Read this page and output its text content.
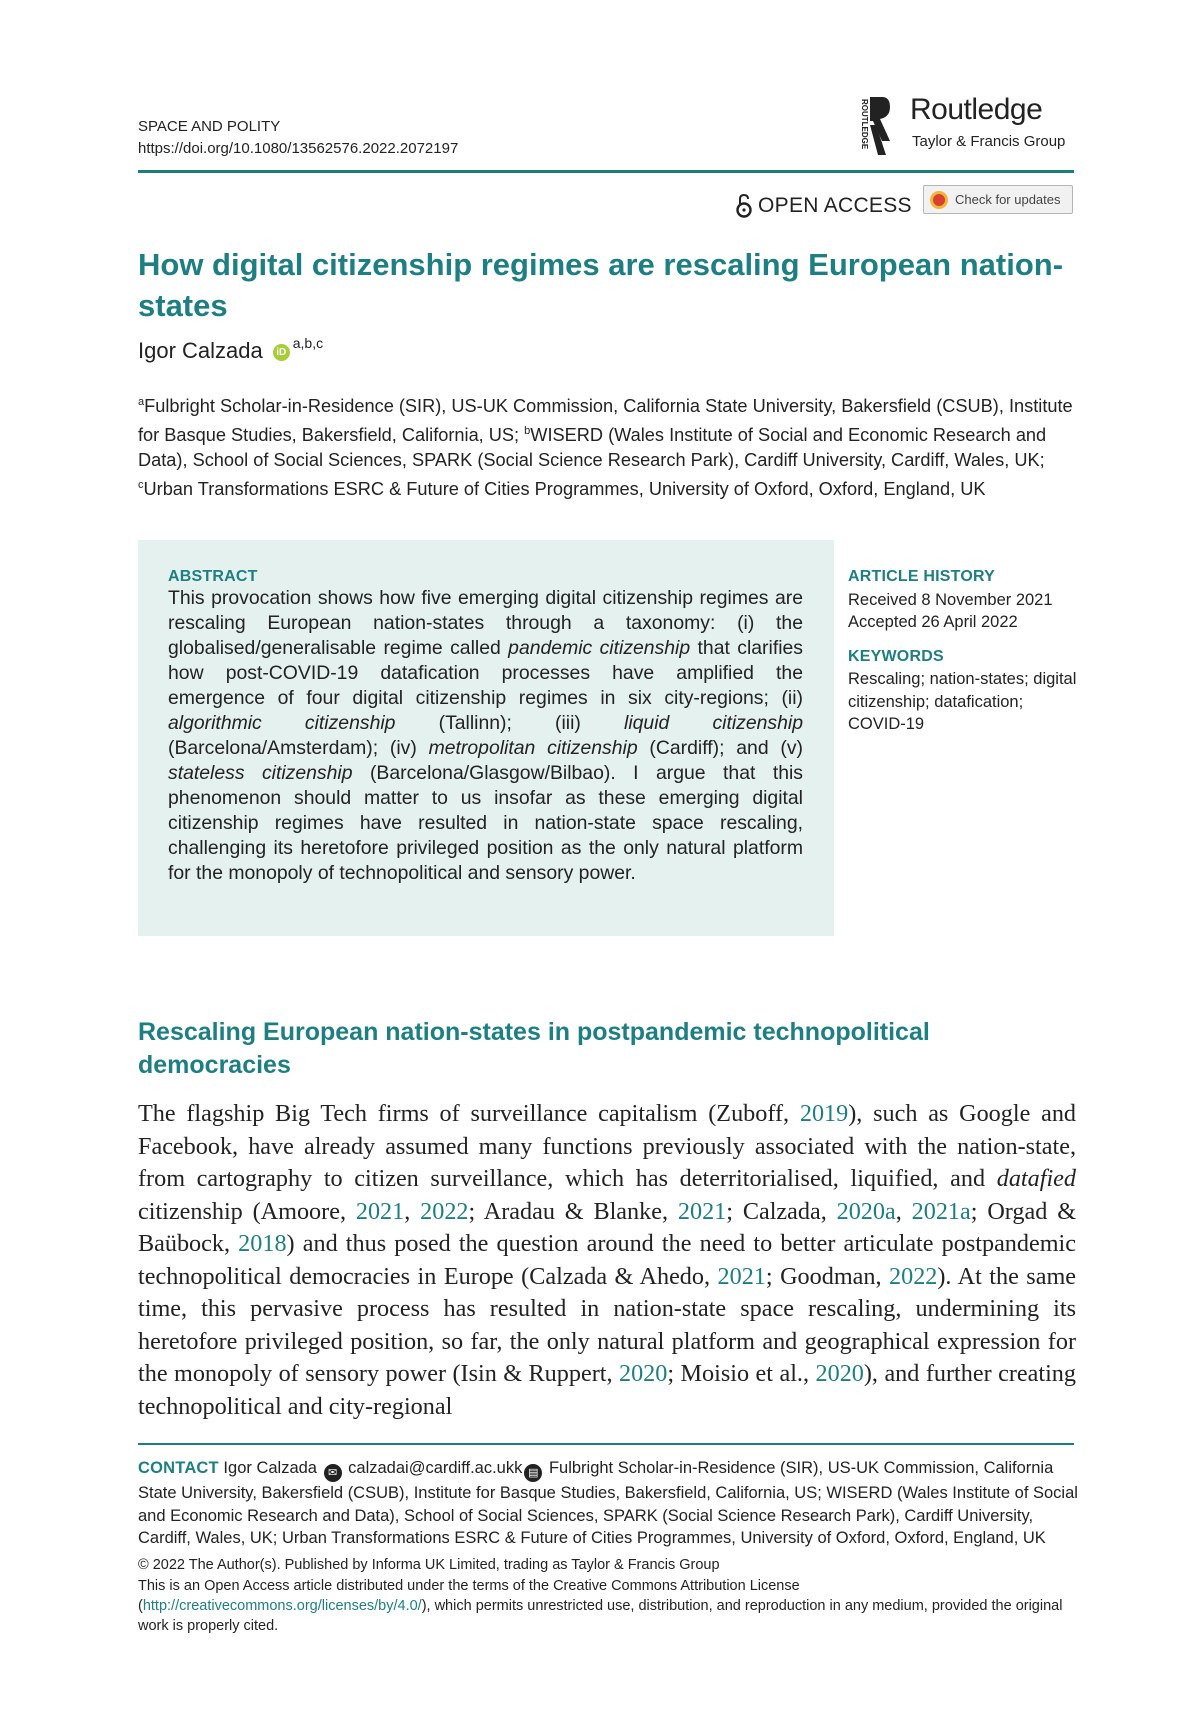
SPACE AND POLITY
https://doi.org/10.1080/13562576.2022.2072197	ROUTLEDGE Routledge
Taylor & Francis Group
OPEN ACCESS	Check for updates
How digital citizenship regimes are rescaling European nation-states
Igor Calzada	iD
$^{a,b,c}$

$^a$Fulbright Scholar-in-Residence (SIR), US-UK Commission, California State University, Bakersfield (CSUB), Institute for Basque Studies, Bakersfield, California, US; $^b$WISERD (Wales Institute of Social and Economic Research and Data), School of Social Sciences, SPARK (Social Science Research Park), Cardiff University, Cardiff, Wales, UK; $^c$Urban Transformations ESRC & Future of Cities Programmes, University of Oxford, Oxford, England, UK

ABSTRACT

This provocation shows how five emerging digital citizenship regimes are rescaling European nation-states through a taxonomy: (i) the globalised/generalisable regime called pandemic citizenship that clarifies how post-COVID-19 datafication processes have amplified the emergence of four digital citizenship regimes in six city-regions; (ii) algorithmic citizenship (Tallinn); (iii) liquid citizenship (Barcelona/Amsterdam); (iv) metropolitan citizenship (Cardiff); and (v) stateless citizenship (Barcelona/Glasgow/Bilbao). I argue that this phenomenon should matter to us insofar as these emerging digital citizenship regimes have resulted in nation-state space rescaling, challenging its heretofore privileged position as the only natural platform for the monopoly of technopolitical and sensory power.

ARTICLE HISTORY
Received 8 November 2021
Accepted 26 April 2022
KEYWORDS
Rescaling; nation-states; digital citizenship; datafication; COVID-19
Rescaling European nation-states in postpandemic technopolitical democracies

The flagship Big Tech firms of surveillance capitalism (Zuboff, 2019), such as Google and Facebook, have already assumed many functions previously associated with the nation-state, from cartography to citizen surveillance, which has deterritorialised, liquified, and datafied citizenship (Amoore, 2021, 2022; Aradau & Blanke, 2021; Calzada, 2020a, 2021a; Orgad & Baübock, 2018) and thus posed the question around the need to better articulate postpandemic technopolitical democracies in Europe (Calzada & Ahedo, 2021; Goodman, 2022). At the same time, this pervasive process has resulted in nation-state space rescaling, undermining its heretofore privileged position, so far, the only natural platform and geographical expression for the monopoly of sensory power (Isin & Ruppert, 2020; Moisio et al., 2020), and further creating technopolitical and city-regional

CONTACT Igor Calzada ✉ calzadai@cardiff.ac.ukk ▤ Fulbright Scholar-in-Residence (SIR), US-UK Commission, California State University, Bakersfield (CSUB), Institute for Basque Studies, Bakersfield, California, US; WISERD (Wales Institute of Social and Economic Research and Data), School of Social Sciences, SPARK (Social Science Research Park), Cardiff University, Cardiff, Wales, UK; Urban Transformations ESRC & Future of Cities Programmes, University of Oxford, Oxford, England, UK

© 2022 The Author(s). Published by Informa UK Limited, trading as Taylor & Francis Group

This is an Open Access article distributed under the terms of the Creative Commons Attribution License (http://creativecommons.org/licenses/by/4.0/), which permits unrestricted use, distribution, and reproduction in any medium, provided the original work is properly cited.
